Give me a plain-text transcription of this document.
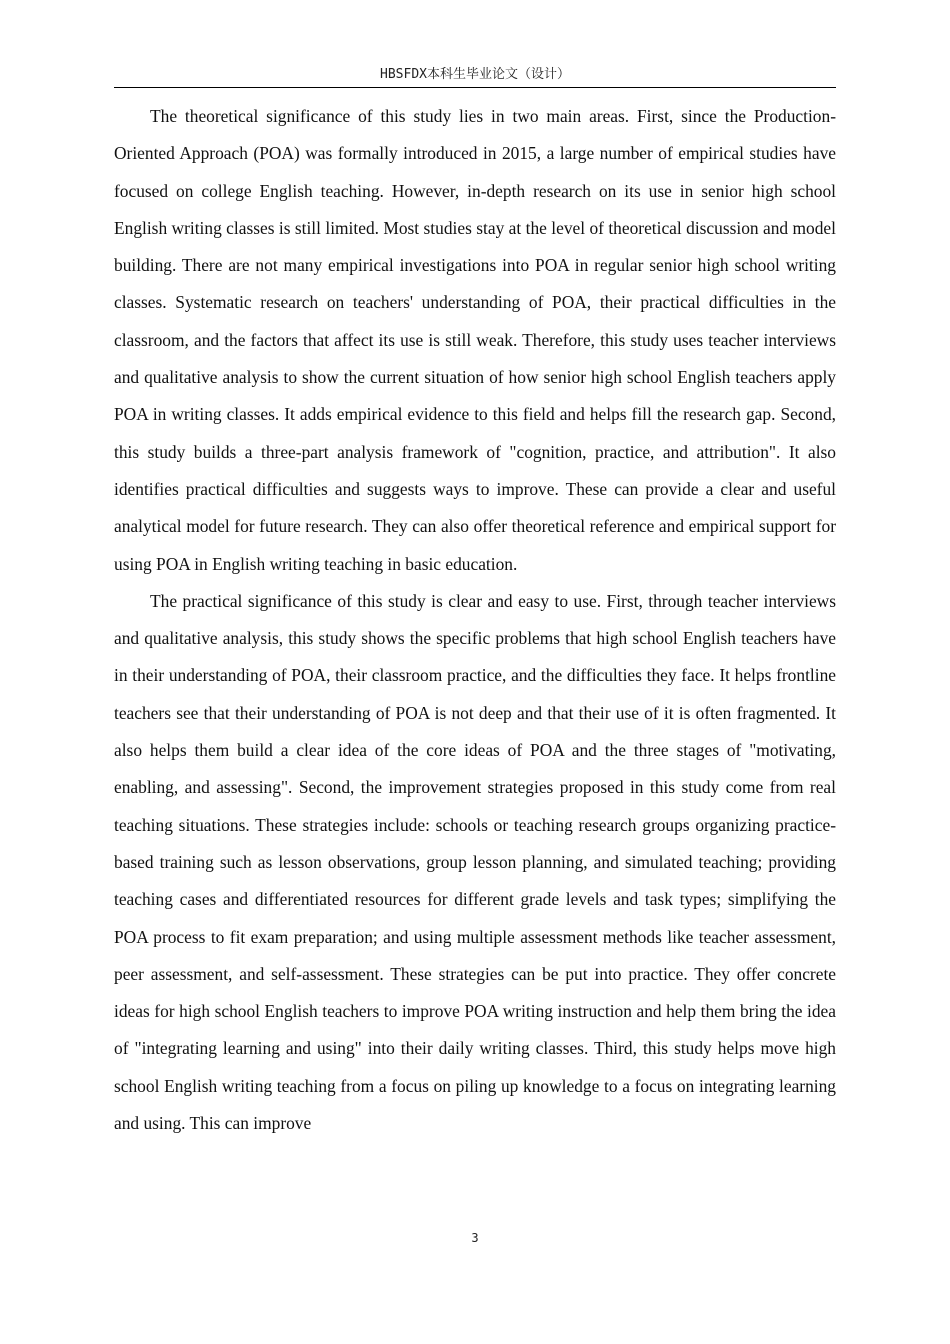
HBSFDX本科生毕业论文（设计）

The theoretical significance of this study lies in two main areas. First, since the Production-Oriented Approach (POA) was formally introduced in 2015, a large number of empirical studies have focused on college English teaching. However, in-depth research on its use in senior high school English writing classes is still limited. Most studies stay at the level of theoretical discussion and model building. There are not many empirical investigations into POA in regular senior high school writing classes. Systematic research on teachers' understanding of POA, their practical difficulties in the classroom, and the factors that affect its use is still weak. Therefore, this study uses teacher interviews and qualitative analysis to show the current situation of how senior high school English teachers apply POA in writing classes. It adds empirical evidence to this field and helps fill the research gap. Second, this study builds a three-part analysis framework of "cognition, practice, and attribution". It also identifies practical difficulties and suggests ways to improve. These can provide a clear and useful analytical model for future research. They can also offer theoretical reference and empirical support for using POA in English writing teaching in basic education.

The practical significance of this study is clear and easy to use. First, through teacher interviews and qualitative analysis, this study shows the specific problems that high school English teachers have in their understanding of POA, their classroom practice, and the difficulties they face. It helps frontline teachers see that their understanding of POA is not deep and that their use of it is often fragmented. It also helps them build a clear idea of the core ideas of POA and the three stages of "motivating, enabling, and assessing". Second, the improvement strategies proposed in this study come from real teaching situations. These strategies include: schools or teaching research groups organizing practice-based training such as lesson observations, group lesson planning, and simulated teaching; providing teaching cases and differentiated resources for different grade levels and task types; simplifying the POA process to fit exam preparation; and using multiple assessment methods like teacher assessment, peer assessment, and self-assessment. These strategies can be put into practice. They offer concrete ideas for high school English teachers to improve POA writing instruction and help them bring the idea of "integrating learning and using" into their daily writing classes. Third, this study helps move high school English writing teaching from a focus on piling up knowledge to a focus on integrating learning and using. This can improve

3
